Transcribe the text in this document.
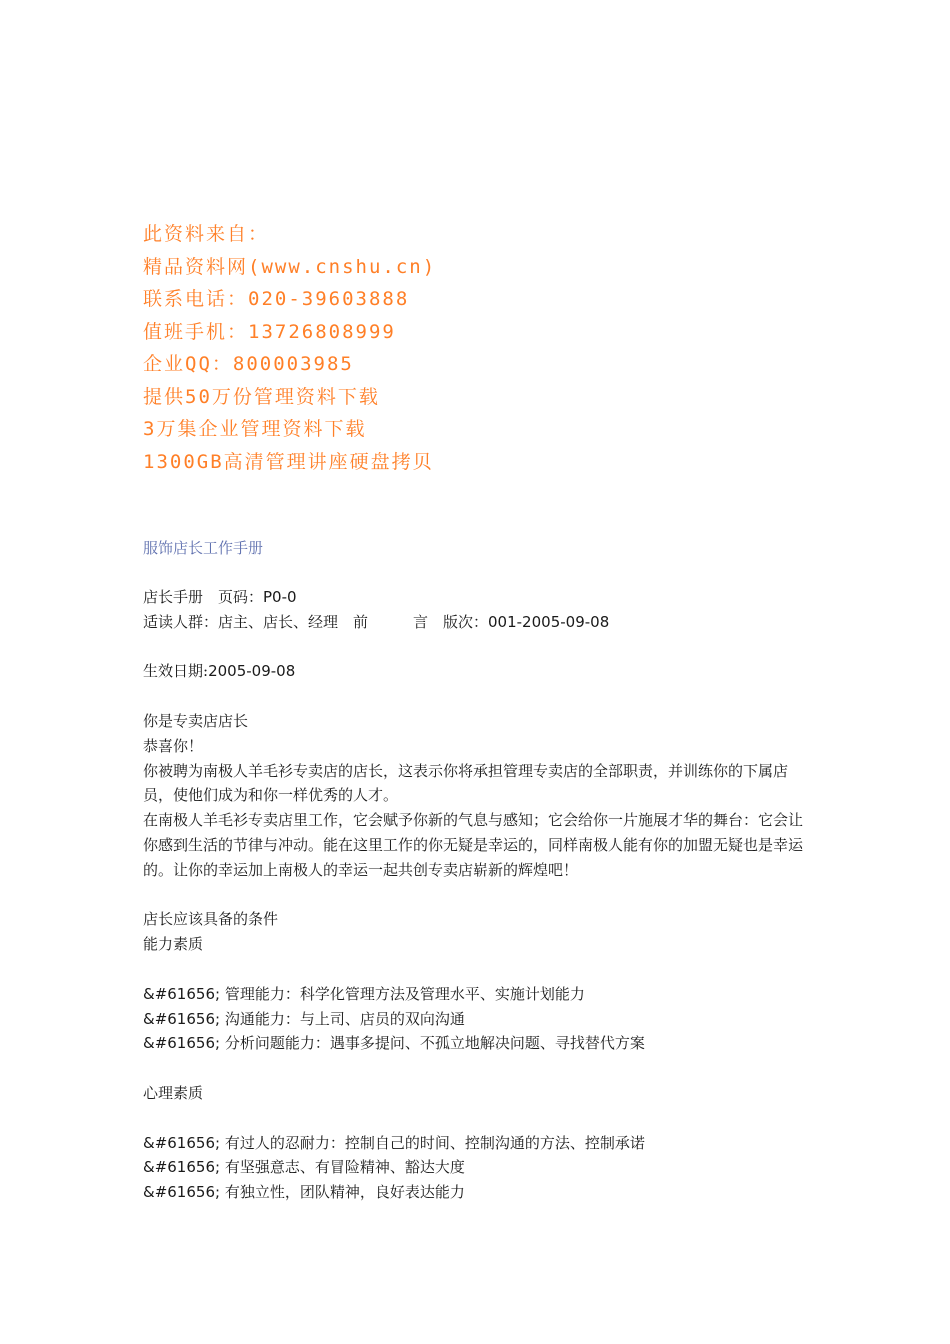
此资料来自：
精品资料网(www.cnshu.cn)
联系电话：020-39603888
值班手机：13726808999
企业QQ：800003985
提供50万份管理资料下载
3万集企业管理资料下载
1300GB高清管理讲座硬盘拷贝
服饰店长工作手册

店长手册　页码：P0-0

适读人群：店主、店长、经理　前　　　言　版次：001-2005-09-08

生效日期:2005-09-08

你是专卖店店长

恭喜你！

你被聘为南极人羊毛衫专卖店的店长，这表示你将承担管理专卖店的全部职责，并训练你的下属店员，使他们成为和你一样优秀的人才。

在南极人羊毛衫专卖店里工作，它会赋予你新的气息与感知；它会给你一片施展才华的舞台：它会让你感到生活的节律与冲动。能在这里工作的你无疑是幸运的，同样南极人能有你的加盟无疑也是幸运的。让你的幸运加上南极人的幸运一起共创专卖店崭新的辉煌吧！

店长应该具备的条件

能力素质

&#61656; 管理能力：科学化管理方法及管理水平、实施计划能力

&#61656; 沟通能力：与上司、店员的双向沟通

&#61656; 分析问题能力：遇事多提问、不孤立地解决问题、寻找替代方案

心理素质

&#61656; 有过人的忍耐力：控制自己的时间、控制沟通的方法、控制承诺

&#61656; 有坚强意志、有冒险精神、豁达大度

&#61656; 有独立性，团队精神，良好表达能力
